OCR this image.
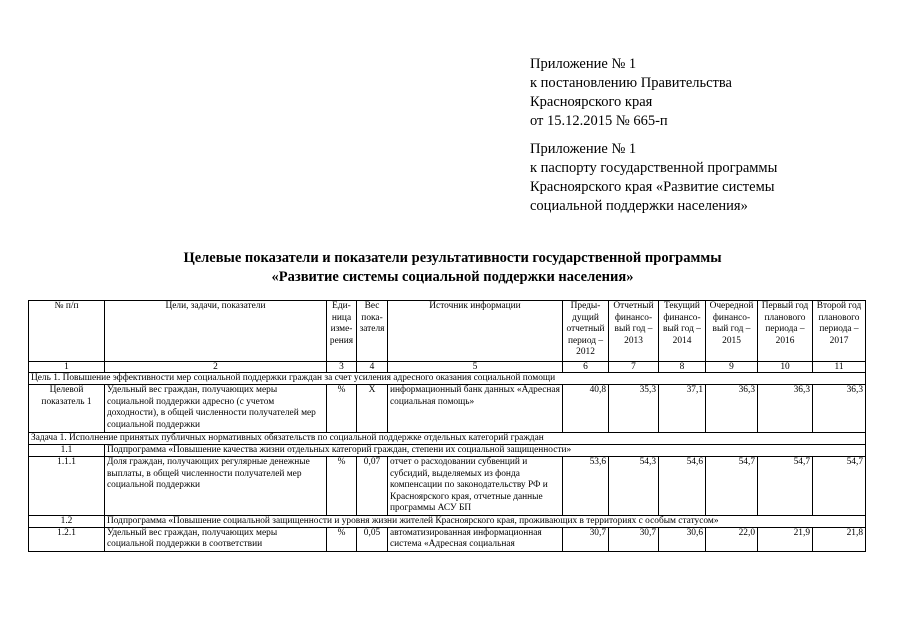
Приложение № 1
к постановлению Правительства
Красноярского края
от 15.12.2015 № 665-п
Приложение № 1
к паспорту государственной программы
Красноярского края «Развитие системы
социальной поддержки населения»
Целевые показатели и показатели результативности государственной программы
«Развитие системы социальной поддержки населения»
№ п/п	Цели, задачи, показатели	Еди-ница изме-рения	Вес пока-зателя	Источник информации	Преды-дущий отчетный период – 2012	Отчетный финансо-вый год – 2013	Текущий финансо-вый год – 2014	Очередной финансо-вый год – 2015	Первый год планового периода – 2016	Второй год планового периода – 2017
1	2	3	4	5	6	7	8	9	10	11
Цель 1. Повышение эффективности мер социальной поддержки граждан за счет усиления адресного оказания социальной помощи										
Целевой показатель 1	Удельный вес граждан, получающих меры социальной поддержки адресно (с учетом доходности), в общей численности получателей мер социальной поддержки	%	Х	информационный банк данных «Адресная социальная помощь»	40,8	35,3	37,1	36,3	36,3	36,3
Задача 1. Исполнение принятых публичных нормативных обязательств по социальной поддержке отдельных категорий граждан										
1.1	Подпрограмма «Повышение качества жизни отдельных категорий граждан, степени их социальной защищенности»									
1.1.1	Доля граждан, получающих регулярные денежные выплаты, в общей численности получателей мер социальной поддержки	%	0,07	отчет о расходовании субвенций и субсидий, выделяемых из фонда компенсации по законодательству РФ и Красноярского края, отчетные данные программы АСУ БП	53,6	54,3	54,6	54,7	54,7	54,7
1.2	Подпрограмма «Повышение социальной защищенности и уровня жизни жителей Красноярского края, проживающих в территориях с особым статусом»									
1.2.1	Удельный вес граждан, получающих меры социальной поддержки в соответствии	%	0,05	автоматизированная информационная система «Адресная социальная	30,7	30,7	30,6	22,0	21,9	21,8
